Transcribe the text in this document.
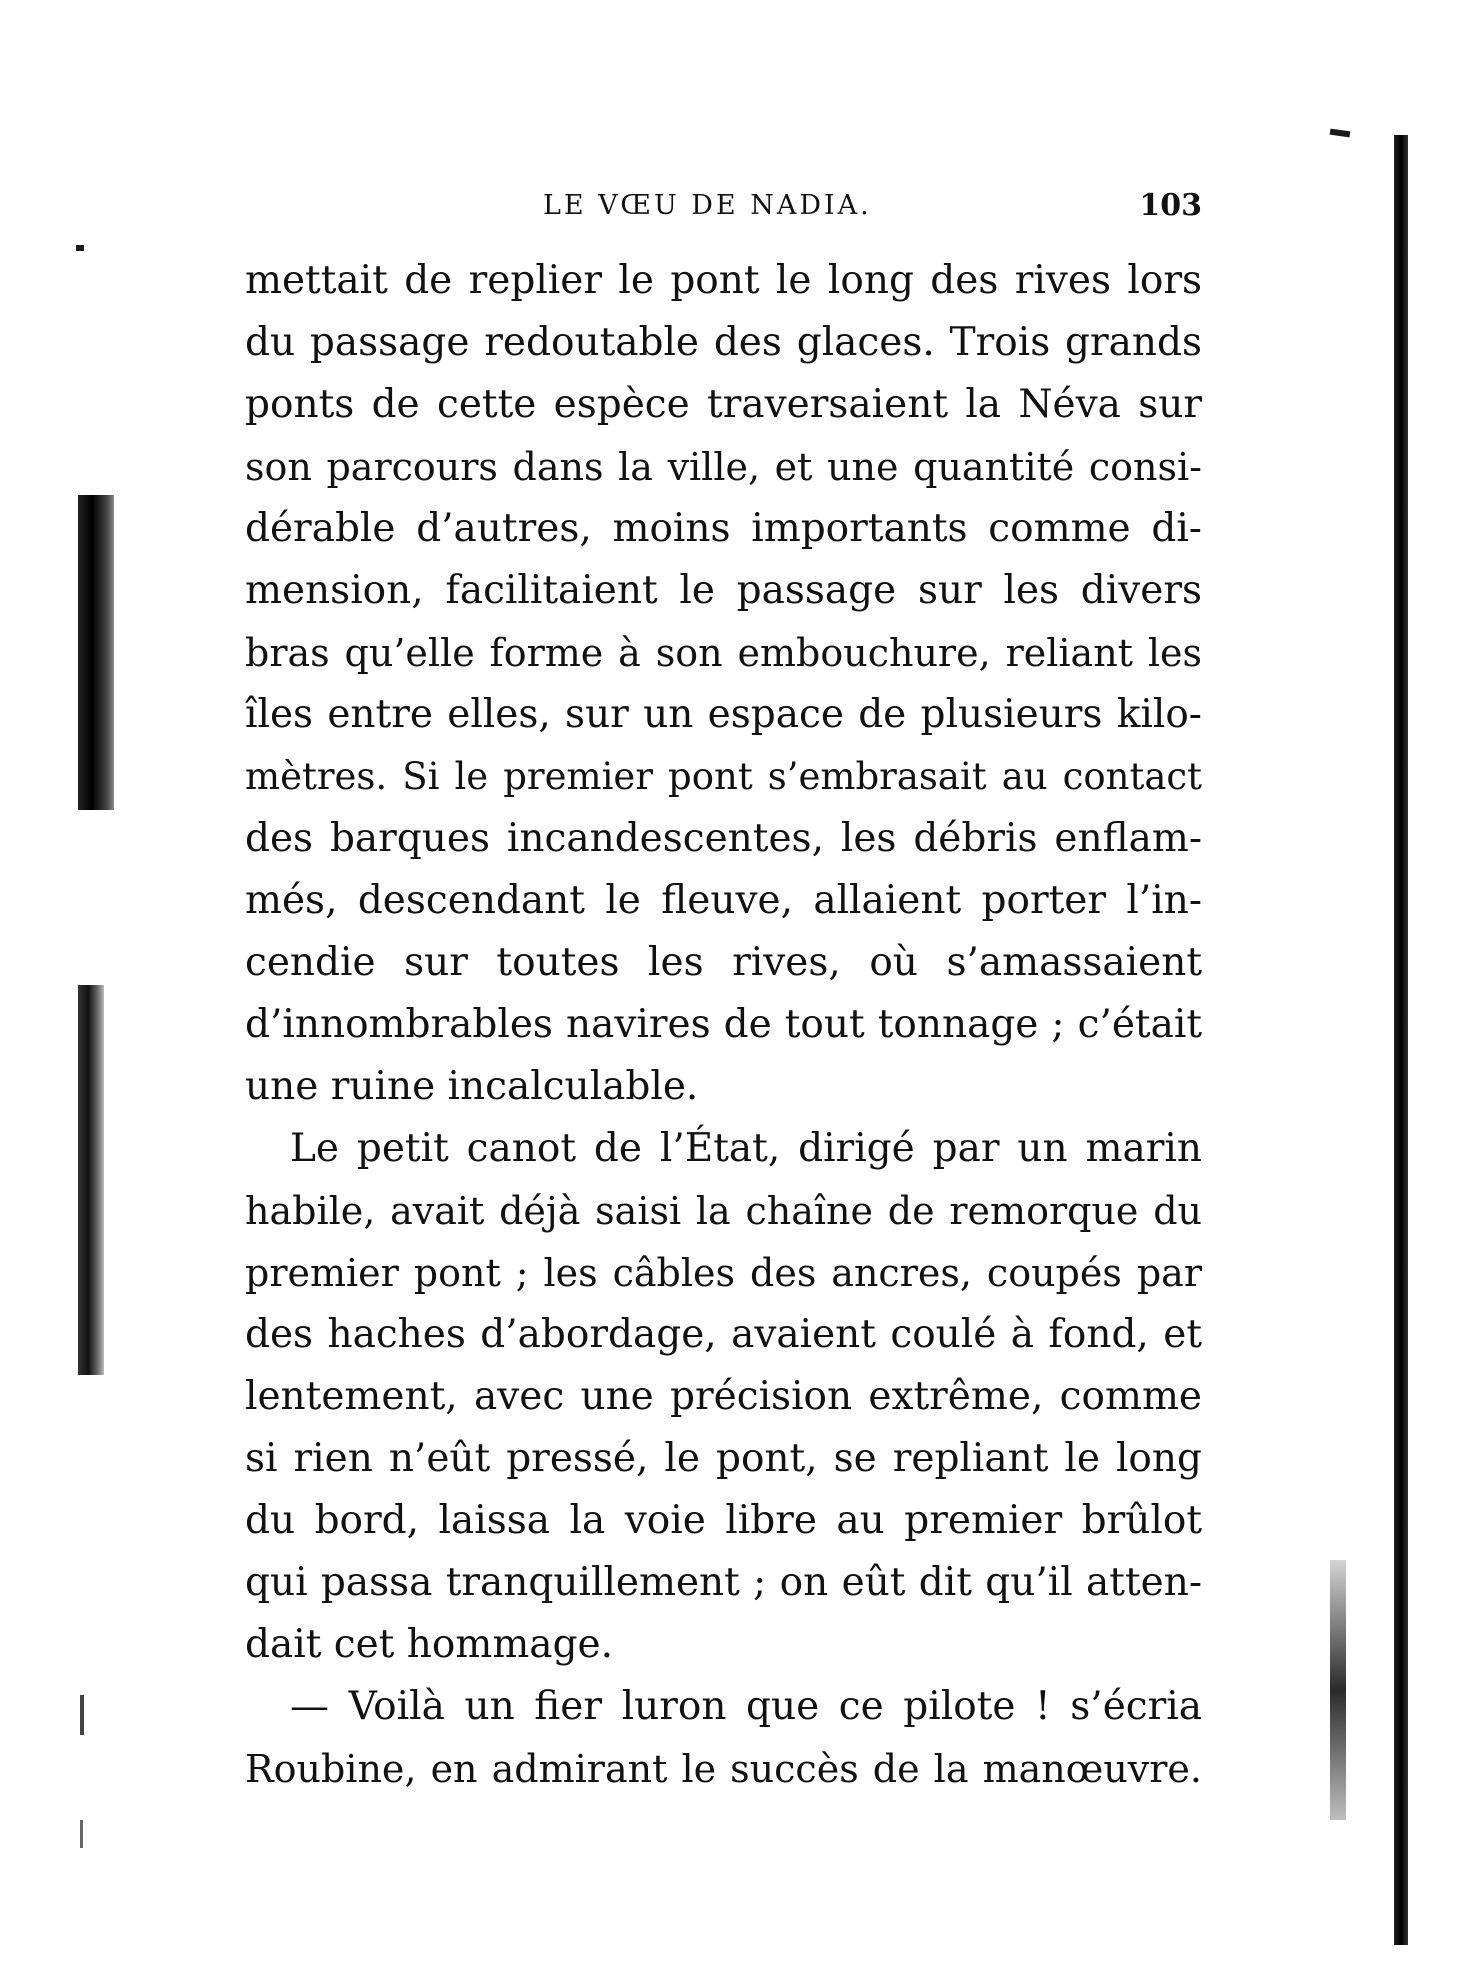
LE VŒU DE NADIA.	103
mettait de replier le pont le long des rives lors
du passage redoutable des glaces. Trois grands
ponts de cette espèce traversaient la Néva sur
son parcours dans la ville, et une quantité consi-
dérable d’autres, moins importants comme di-
mension, facilitaient le passage sur les divers
bras qu’elle forme à son embouchure, reliant les
îles entre elles, sur un espace de plusieurs kilo-
mètres. Si le premier pont s’embrasait au contact
des barques incandescentes, les débris enflam-
més, descendant le fleuve, allaient porter l’in-
cendie sur toutes les rives, où s’amassaient
d’innombrables navires de tout tonnage ; c’était
une ruine incalculable.
Le petit canot de l’État, dirigé par un marin
habile, avait déjà saisi la chaîne de remorque du
premier pont ; les câbles des ancres, coupés par
des haches d’abordage, avaient coulé à fond, et
lentement, avec une précision extrême, comme
si rien n’eût pressé, le pont, se repliant le long
du bord, laissa la voie libre au premier brûlot
qui passa tranquillement ; on eût dit qu’il atten-
dait cet hommage.
— Voilà un fier luron que ce pilote ! s’écria
Roubine, en admirant le succès de la manœuvre.
